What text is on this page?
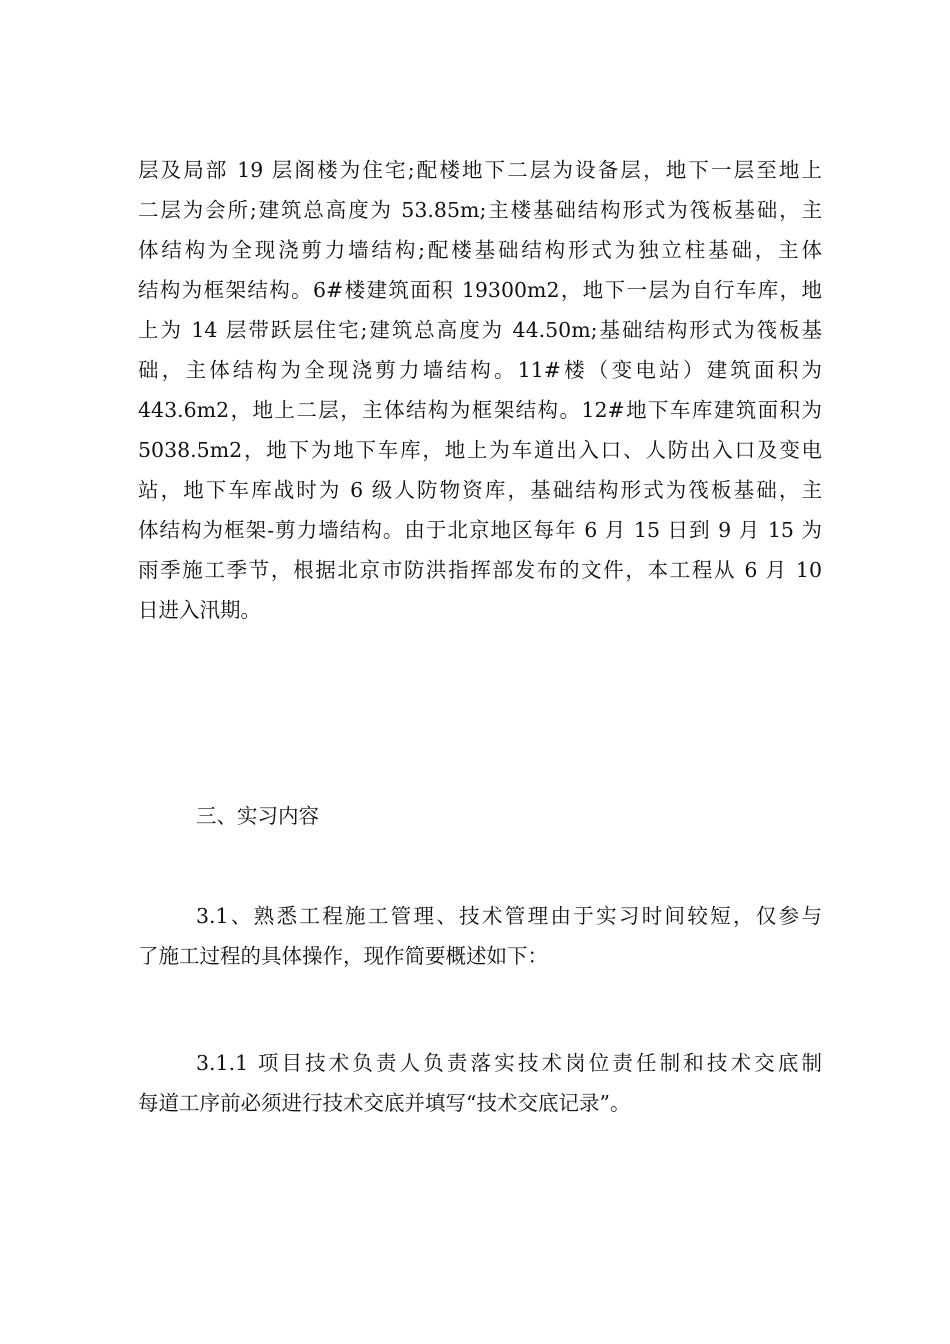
层及局部 19 层阁楼为住宅;配楼地下二层为设备层，地下一层至地上
二层为会所;建筑总高度为 53.85m;主楼基础结构形式为筏板基础，主
体结构为全现浇剪力墙结构;配楼基础结构形式为独立柱基础，主体
结构为框架结构。6#楼建筑面积 19300m2，地下一层为自行车库，地
上为 14 层带跃层住宅;建筑总高度为 44.50m;基础结构形式为筏板基
础，主体结构为全现浇剪力墙结构。11#楼（变电站）建筑面积为
443.6m2，地上二层，主体结构为框架结构。12#地下车库建筑面积为
5038.5m2，地下为地下车库，地上为车道出入口、人防出入口及变电
站，地下车库战时为 6 级人防物资库，基础结构形式为筏板基础，主
体结构为框架-剪力墙结构。由于北京地区每年 6 月 15 日到 9 月 15 为
雨季施工季节，根据北京市防洪指挥部发布的文件，本工程从 6 月 10
日进入汛期。
三、实习内容
3.1、熟悉工程施工管理、技术管理由于实习时间较短，仅参与
了施工过程的具体操作，现作简要概述如下：
3.1.1 项目技术负责人负责落实技术岗位责任制和技术交底制
每道工序前必须进行技术交底并填写“技术交底记录”。
